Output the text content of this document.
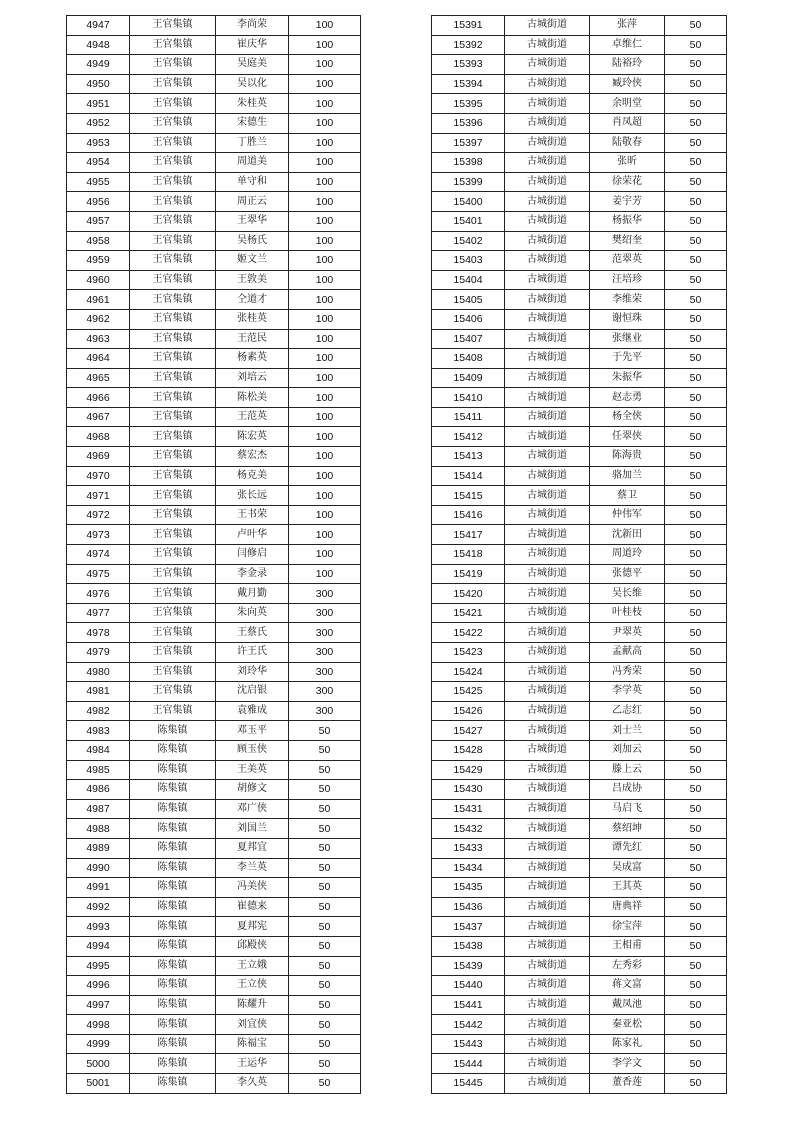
4947	王官集镇	李尚荣	100
4948	王官集镇	崔庆华	100
4949	王官集镇	吴庭美	100
4950	王官集镇	吴以化	100
4951	王官集镇	朱桂英	100
4952	王官集镇	宋德生	100
4953	王官集镇	丁胜兰	100
4954	王官集镇	周道美	100
4955	王官集镇	单守和	100
4956	王官集镇	周正云	100
4957	王官集镇	王翠华	100
4958	王官集镇	吴杨氏	100
4959	王官集镇	姬文兰	100
4960	王官集镇	王敦美	100
4961	王官集镇	仝道才	100
4962	王官集镇	张桂英	100
4963	王官集镇	王范民	100
4964	王官集镇	杨素英	100
4965	王官集镇	刘培云	100
4966	王官集镇	陈松美	100
4967	王官集镇	王范英	100
4968	王官集镇	陈宏英	100
4969	王官集镇	蔡宏杰	100
4970	王官集镇	杨克美	100
4971	王官集镇	张长远	100
4972	王官集镇	王书荣	100
4973	王官集镇	卢叶华	100
4974	王官集镇	闫修启	100
4975	王官集镇	李金录	100
4976	王官集镇	戴月勤	300
4977	王官集镇	朱向英	300
4978	王官集镇	王蔡氏	300
4979	王官集镇	许王氏	300
4980	王官集镇	刘玲华	300
4981	王官集镇	沈启银	300
4982	王官集镇	袁雅成	300
4983	陈集镇	邓玉平	50
4984	陈集镇	顾玉侠	50
4985	陈集镇	王美英	50
4986	陈集镇	胡修文	50
4987	陈集镇	邓广侠	50
4988	陈集镇	刘国兰	50
4989	陈集镇	夏邦宜	50
4990	陈集镇	李兰英	50
4991	陈集镇	冯美侠	50
4992	陈集镇	崔德来	50
4993	陈集镇	夏邦宪	50
4994	陈集镇	邱殿侠	50
4995	陈集镇	王立娥	50
4996	陈集镇	王立侠	50
4997	陈集镇	陈耀升	50
4998	陈集镇	刘宜侠	50
4999	陈集镇	陈福宝	50
5000	陈集镇	王运华	50
5001	陈集镇	李久英	50
15391	古城街道	张萍	50
15392	古城街道	卓维仁	50
15393	古城街道	陆裕玲	50
15394	古城街道	臧玲侠	50
15395	古城街道	余明堂	50
15396	古城街道	肖凤超	50
15397	古城街道	陆敬春	50
15398	古城街道	张昕	50
15399	古城街道	徐荣花	50
15400	古城街道	姜宇芳	50
15401	古城街道	杨振华	50
15402	古城街道	樊绍奎	50
15403	古城街道	范翠英	50
15404	古城街道	汪培珍	50
15405	古城街道	李维荣	50
15406	古城街道	谢恒珠	50
15407	古城街道	张继业	50
15408	古城街道	于先平	50
15409	古城街道	朱振华	50
15410	古城街道	赵志勇	50
15411	古城街道	杨全侠	50
15412	古城街道	任翠侠	50
15413	古城街道	陈海贵	50
15414	古城街道	骆加兰	50
15415	古城街道	蔡卫	50
15416	古城街道	仲伟军	50
15417	古城街道	沈新田	50
15418	古城街道	周道玲	50
15419	古城街道	张德平	50
15420	古城街道	吴长维	50
15421	古城街道	叶桂枝	50
15422	古城街道	尹翠英	50
15423	古城街道	孟献高	50
15424	古城街道	冯秀荣	50
15425	古城街道	李学英	50
15426	古城街道	乙志红	50
15427	古城街道	刘士兰	50
15428	古城街道	刘加云	50
15429	古城街道	滕上云	50
15430	古城街道	吕成协	50
15431	古城街道	马启飞	50
15432	古城街道	蔡绍坤	50
15433	古城街道	谭先红	50
15434	古城街道	吴成富	50
15435	古城街道	王其英	50
15436	古城街道	唐典祥	50
15437	古城街道	徐宝萍	50
15438	古城街道	王相甫	50
15439	古城街道	左秀彩	50
15440	古城街道	蒋文富	50
15441	古城街道	戴凤池	50
15442	古城街道	秦亚松	50
15443	古城街道	陈家礼	50
15444	古城街道	李学文	50
15445	古城街道	董香莲	50
